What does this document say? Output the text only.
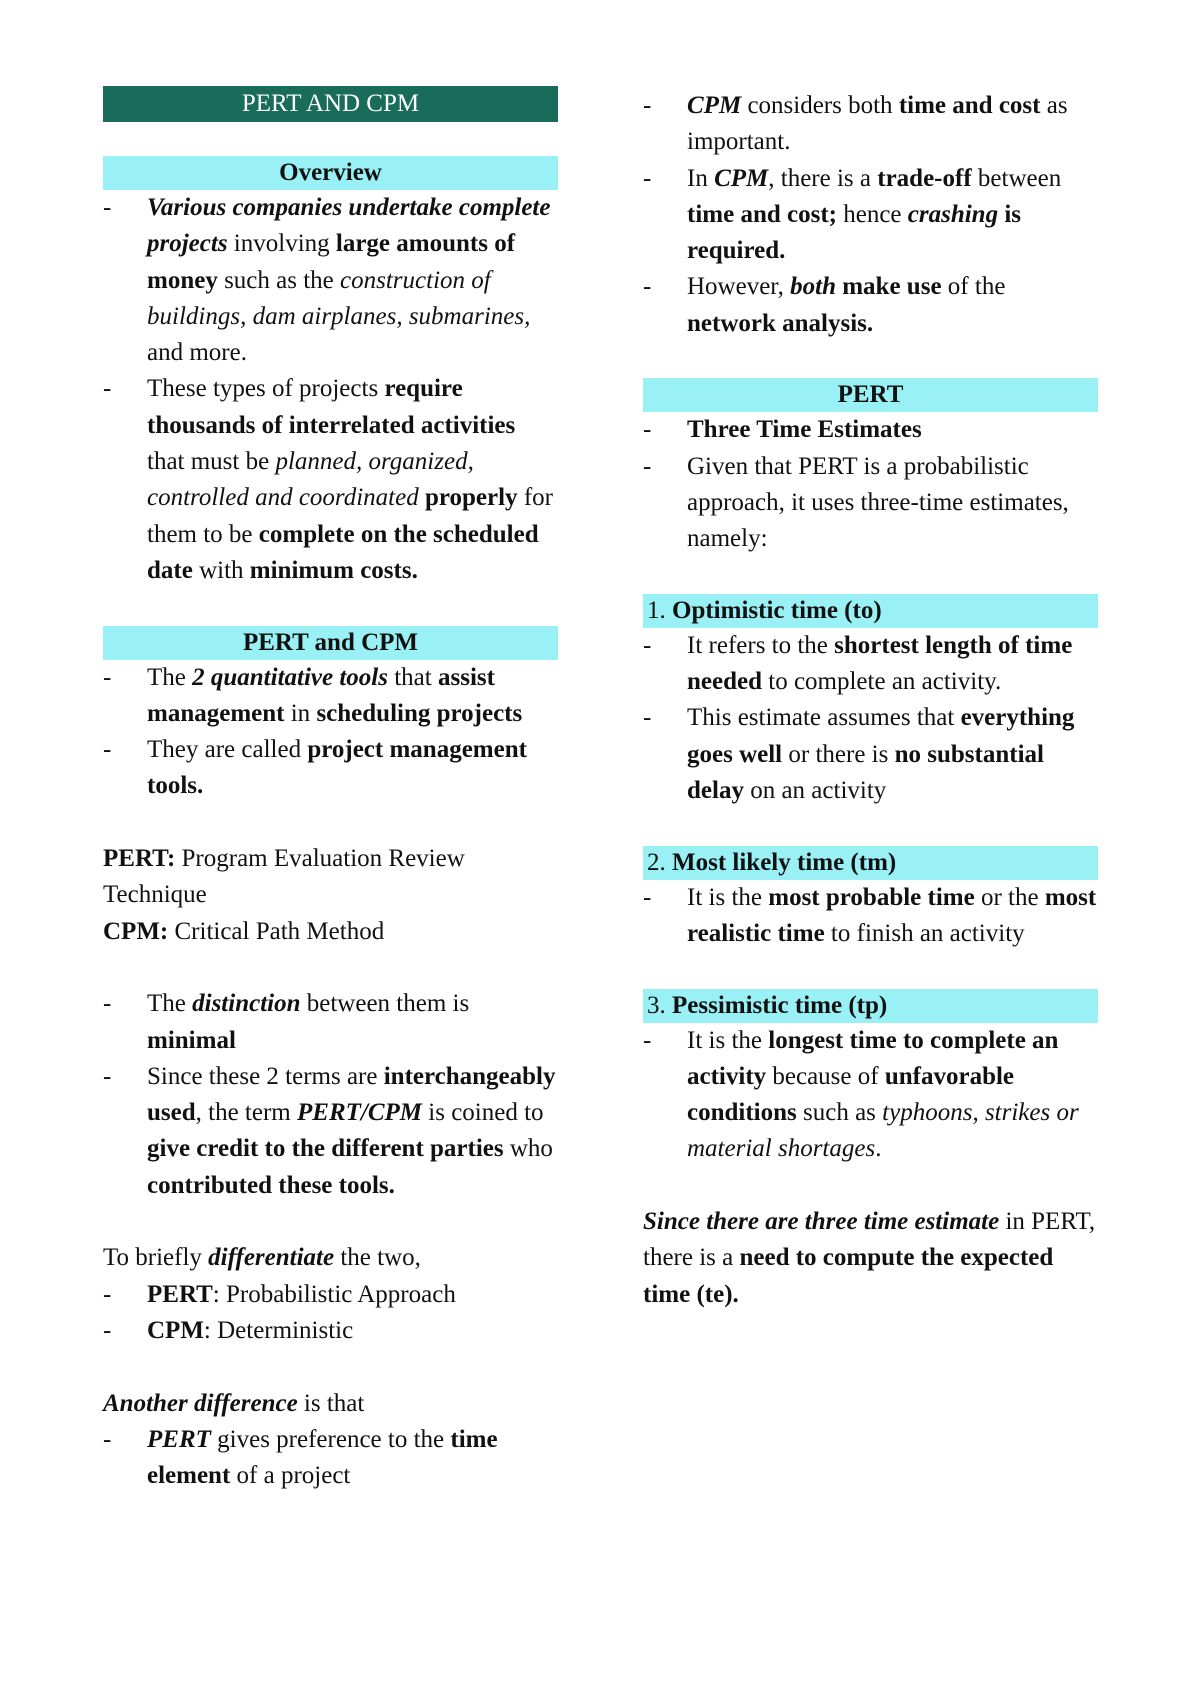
PERT AND CPM
Overview
-	Various companies undertake complete projects involving large amounts of money such as the construction of buildings, dam airplanes, submarines, and more.
-	These types of projects require thousands of interrelated activities that must be planned, organized, controlled and coordinated properly for them to be complete on the scheduled date with minimum costs.
PERT and CPM
-	The 2 quantitative tools that assist management in scheduling projects
-	They are called project management tools.
PERT: Program Evaluation Review Technique
CPM: Critical Path Method
-	The distinction between them is minimal
-	Since these 2 terms are interchangeably used, the term PERT/CPM is coined to give credit to the different parties who contributed these tools.
To briefly differentiate the two,
-	PERT: Probabilistic Approach
-	CPM: Deterministic
Another difference is that
-	PERT gives preference to the time element of a project
-	CPM considers both time and cost as important.
-	In CPM, there is a trade-off between time and cost; hence crashing is required.
-	However, both make use of the network analysis.
PERT
-	Three Time Estimates
-	Given that PERT is a probabilistic approach, it uses three-time estimates, namely:
1. Optimistic time (to)
-	It refers to the shortest length of time needed to complete an activity.
-	This estimate assumes that everything goes well or there is no substantial delay on an activity
2. Most likely time (tm)
-	It is the most probable time or the most realistic time to finish an activity
3. Pessimistic time (tp)
-	It is the longest time to complete an activity because of unfavorable conditions such as typhoons, strikes or material shortages.
Since there are three time estimate in PERT, there is a need to compute the expected time (te).
